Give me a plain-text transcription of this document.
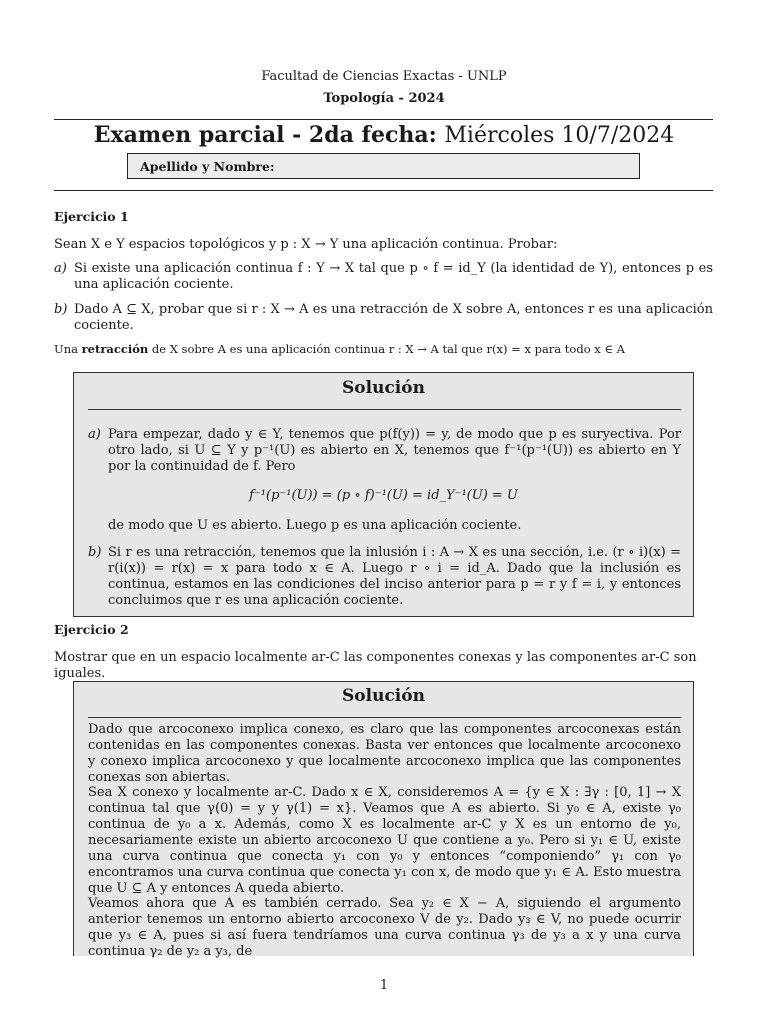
Facultad de Ciencias Exactas - UNLP
Topología - 2024
Examen parcial - 2da fecha: Miércoles 10/7/2024
Apellido y Nombre:
Ejercicio 1
Sean X e Y espacios topológicos y p : X → Y una aplicación continua. Probar:
a) Si existe una aplicación continua f : Y → X tal que p ∘ f = id_Y (la identidad de Y), entonces p es una aplicación cociente.
b) Dado A ⊆ X, probar que si r : X → A es una retracción de X sobre A, entonces r es una aplicación cociente.
Una retracción de X sobre A es una aplicación continua r : X → A tal que r(x) = x para todo x ∈ A
Solución
a) Para empezar, dado y ∈ Y, tenemos que p(f(y)) = y, de modo que p es suryectiva. Por otro lado, si U ⊆ Y y p⁻¹(U) es abierto en X, tenemos que f⁻¹(p⁻¹(U)) es abierto en Y por la continuidad de f. Pero
f⁻¹(p⁻¹(U)) = (p ∘ f)⁻¹(U) = id_Y⁻¹(U) = U
de modo que U es abierto. Luego p es una aplicación cociente.
b) Si r es una retracción, tenemos que la inlusión i : A → X es una sección, i.e. (r ∘ i)(x) = r(i(x)) = r(x) = x para todo x ∈ A. Luego r ∘ i = id_A. Dado que la inclusión es continua, estamos en las condiciones del inciso anterior para p = r y f = i, y entonces concluimos que r es una aplicación cociente.
Ejercicio 2
Mostrar que en un espacio localmente ar-C las componentes conexas y las componentes ar-C son iguales.
Solución
Dado que arcoconexo implica conexo, es claro que las componentes arcoconexas están contenidas en las componentes conexas. Basta ver entonces que localmente arcoconexo y conexo implica arcoconexo y que localmente arcoconexo implica que las componentes conexas son abiertas.
Sea X conexo y localmente ar-C. Dado x ∈ X, consideremos A = {y ∈ X : ∃γ : [0, 1] → X continua tal que γ(0) = y y γ(1) = x}. Veamos que A es abierto. Si y₀ ∈ A, existe γ₀ continua de y₀ a x. Además, como X es localmente ar-C y X es un entorno de y₀, necesariamente existe un abierto arcoconexo U que contiene a y₀. Pero si y₁ ∈ U, existe una curva continua que conecta y₁ con y₀ y entonces “componiendo” γ₁ con γ₀ encontramos una curva continua que conecta y₁ con x, de modo que y₁ ∈ A. Esto muestra que U ⊆ A y entonces A queda abierto.
Veamos ahora que A es también cerrado. Sea y₂ ∈ X − A, siguiendo el argumento anterior tenemos un entorno abierto arcoconexo V de y₂. Dado y₃ ∈ V, no puede ocurrir que y₃ ∈ A, pues si así fuera tendríamos una curva continua γ₃ de y₃ a x y una curva continua γ₂ de y₂ a y₃, de
1
